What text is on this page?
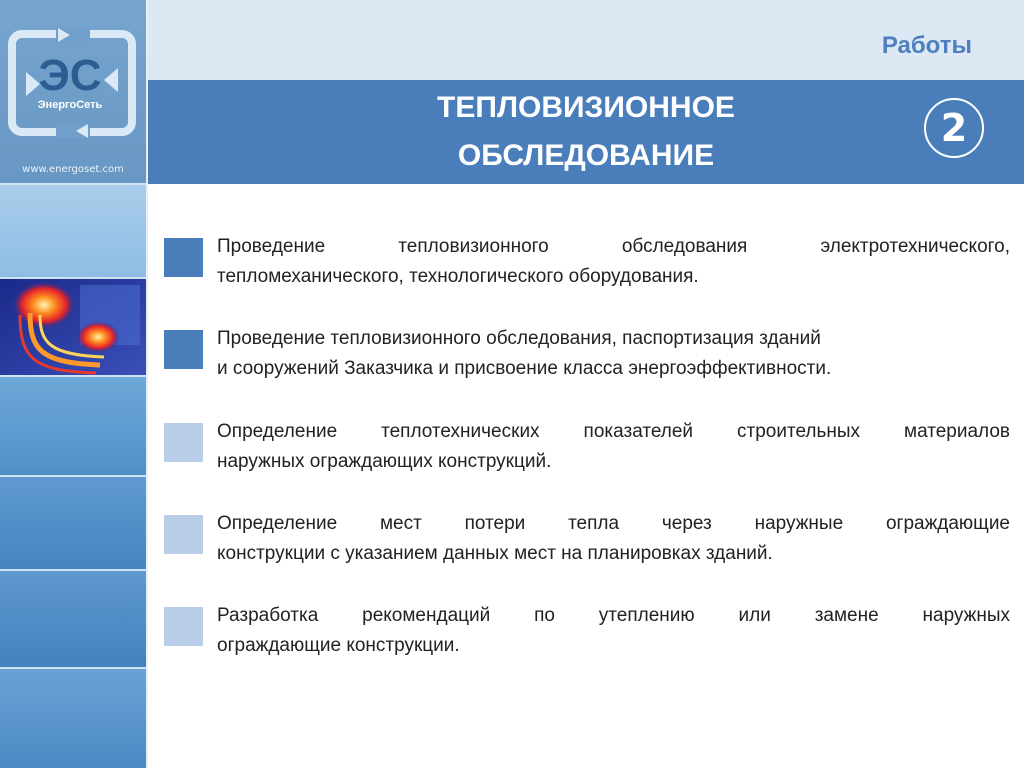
ЭС
ЭнергоСеть
www.energoset.com
Работы
ТЕПЛОВИЗИОННОЕ
ОБСЛЕДОВАНИЕ
2

Проведение тепловизионного обследования электротехнического,
тепломеханического, технологического оборудования.

Проведение тепловизионного обследования, паспортизация зданий
и сооружений Заказчика и присвоение класса энергоэффективности.

Определение теплотехнических показателей строительных материалов
наружных ограждающих конструкций.

Определение мест потери тепла через наружные ограждающие
конструкции с указанием данных мест на планировках зданий.

Разработка рекомендаций по утеплению или замене наружных
ограждающие конструкции.
